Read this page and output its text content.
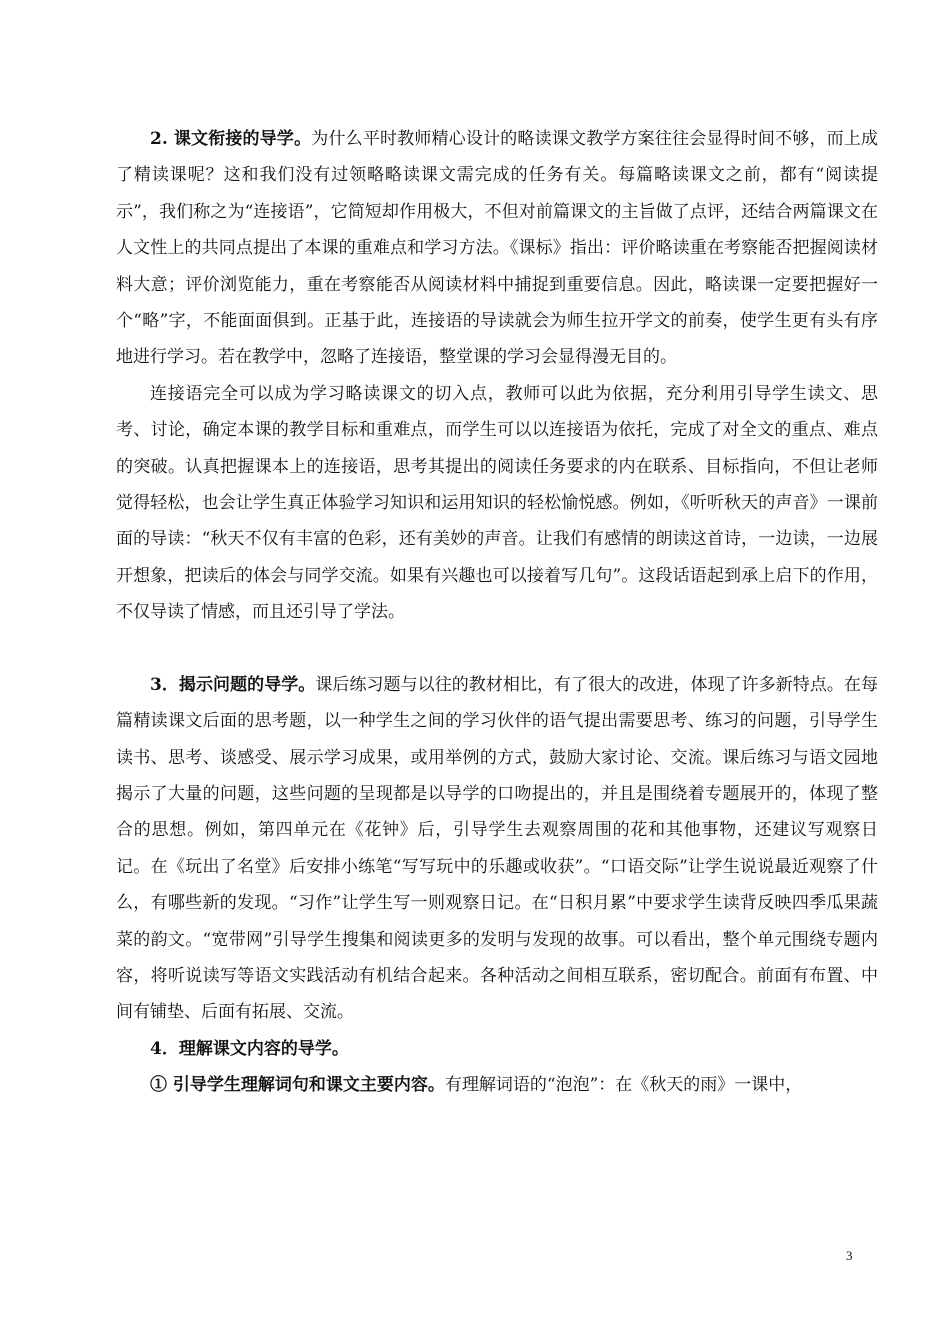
2. 课文衔接的导学。为什么平时教师精心设计的略读课文教学方案往往会显得时间不够，而上成了精读课呢？这和我们没有过领略略读课文需完成的任务有关。每篇略读课文之前，都有“阅读提示”，我们称之为“连接语”，它简短却作用极大，不但对前篇课文的主旨做了点评，还结合两篇课文在人文性上的共同点提出了本课的重难点和学习方法。《课标》指出：评价略读重在考察能否把握阅读材料大意；评价浏览能力，重在考察能否从阅读材料中捕捉到重要信息。因此，略读课一定要把握好一个“略”字，不能面面俱到。正基于此，连接语的导读就会为师生拉开学文的前奏，使学生更有头有序地进行学习。若在教学中，忽略了连接语，整堂课的学习会显得漫无目的。

连接语完全可以成为学习略读课文的切入点，教师可以此为依据，充分利用引导学生读文、思考、讨论，确定本课的教学目标和重难点，而学生可以以连接语为依托，完成了对全文的重点、难点的突破。认真把握课本上的连接语，思考其提出的阅读任务要求的内在联系、目标指向，不但让老师觉得轻松，也会让学生真正体验学习知识和运用知识的轻松愉悦感。例如，《听听秋天的声音》一课前面的导读：“秋天不仅有丰富的色彩，还有美妙的声音。让我们有感情的朗读这首诗，一边读，一边展开想象，把读后的体会与同学交流。如果有兴趣也可以接着写几句”。这段话语起到承上启下的作用，不仅导读了情感，而且还引导了学法。

3．揭示问题的导学。课后练习题与以往的教材相比，有了很大的改进，体现了许多新特点。在每篇精读课文后面的思考题，以一种学生之间的学习伙伴的语气提出需要思考、练习的问题，引导学生读书、思考、谈感受、展示学习成果，或用举例的方式，鼓励大家讨论、交流。课后练习与语文园地揭示了大量的问题，这些问题的呈现都是以导学的口吻提出的，并且是围绕着专题展开的，体现了整合的思想。例如，第四单元在《花钟》后，引导学生去观察周围的花和其他事物，还建议写观察日记。在《玩出了名堂》后安排小练笔“写写玩中的乐趣或收获”。“口语交际”让学生说说最近观察了什么，有哪些新的发现。“习作”让学生写一则观察日记。在“日积月累”中要求学生读背反映四季瓜果蔬菜的韵文。“宽带网”引导学生搜集和阅读更多的发明与发现的故事。可以看出，整个单元围绕专题内容，将听说读写等语文实践活动有机结合起来。各种活动之间相互联系，密切配合。前面有布置、中间有铺垫、后面有拓展、交流。

4．理解课文内容的导学。

① 引导学生理解词句和课文主要内容。有理解词语的“泡泡”：在《秋天的雨》一课中，

3
